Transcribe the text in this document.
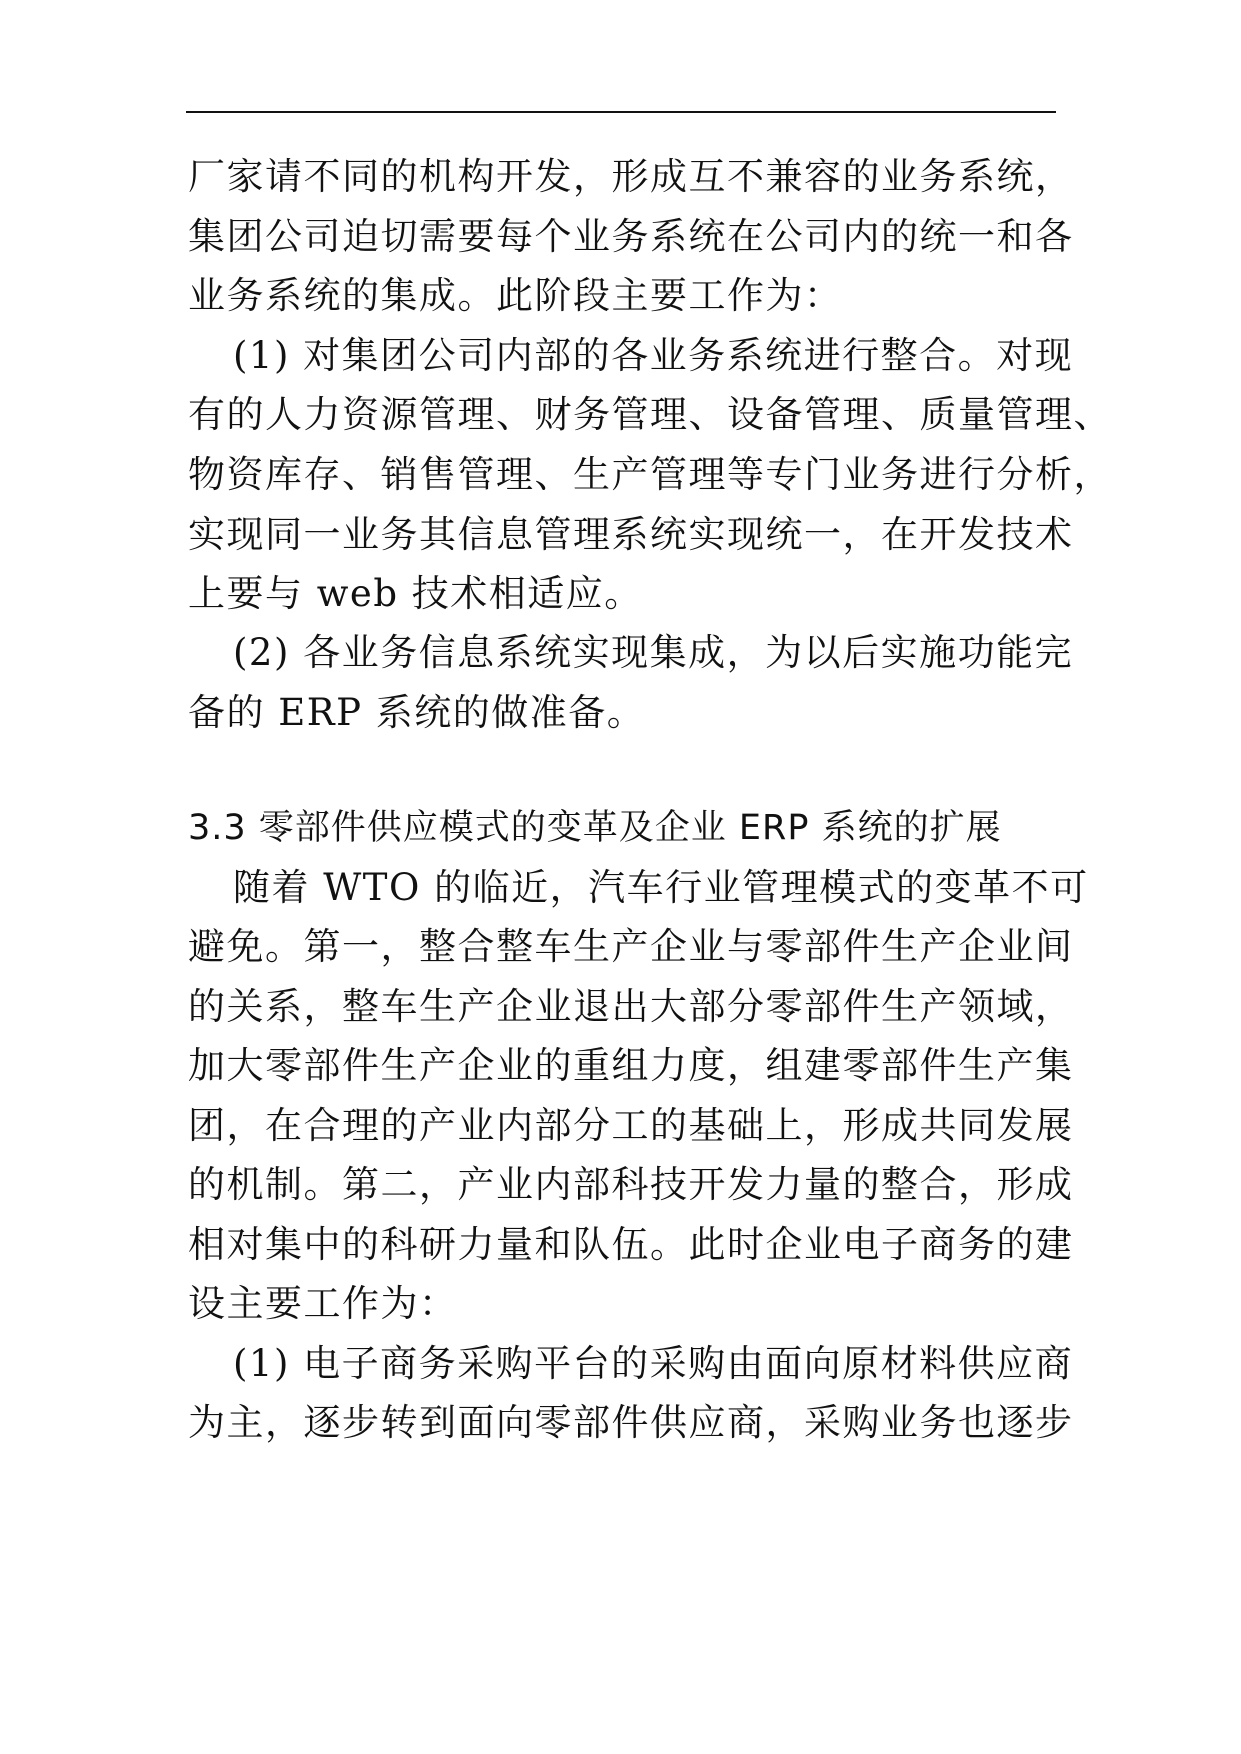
厂家请不同的机构开发，形成互不兼容的业务系统，
集团公司迫切需要每个业务系统在公司内的统一和各
业务系统的集成。此阶段主要工作为：
(1) 对集团公司内部的各业务系统进行整合。对现
有的人力资源管理、财务管理、设备管理、质量管理、
物资库存、销售管理、生产管理等专门业务进行分析，
实现同一业务其信息管理系统实现统一，在开发技术
上要与 web 技术相适应。
(2) 各业务信息系统实现集成，为以后实施功能完
备的 ERP 系统的做准备。
3.3 零部件供应模式的变革及企业 ERP 系统的扩展
随着 WTO 的临近，汽车行业管理模式的变革不可
避免。第一，整合整车生产企业与零部件生产企业间
的关系，整车生产企业退出大部分零部件生产领域，
加大零部件生产企业的重组力度，组建零部件生产集
团，在合理的产业内部分工的基础上，形成共同发展
的机制。第二，产业内部科技开发力量的整合，形成
相对集中的科研力量和队伍。此时企业电子商务的建
设主要工作为：
(1) 电子商务采购平台的采购由面向原材料供应商
为主，逐步转到面向零部件供应商，采购业务也逐步
